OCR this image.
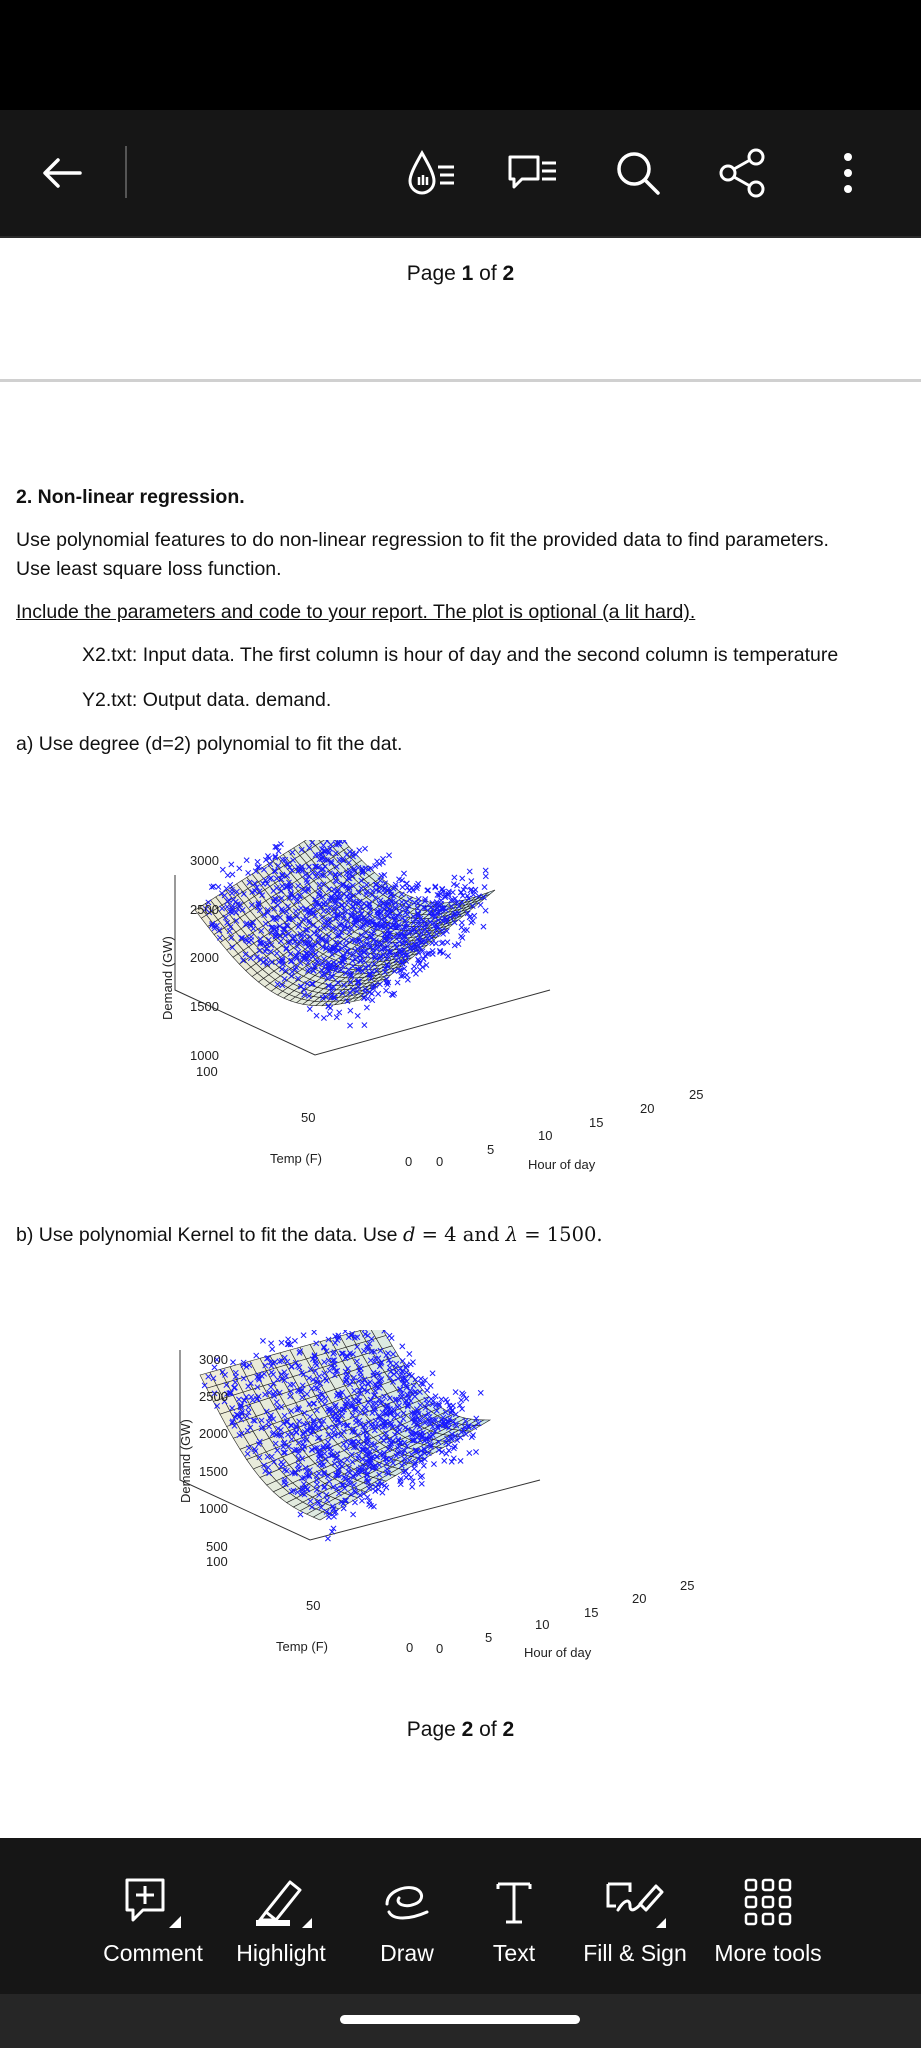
Page 1 of 2
2. Non-linear regression.
Use polynomial features to do non-linear regression to fit the provided data to find parameters.
Use least square loss function.
Include the parameters and code to your report. The plot is optional (a lit hard).
X2.txt: Input data. The first column is hour of day and the second column is temperature
Y2.txt: Output data. demand.
a) Use degree (d=2) polynomial to fit the dat.
3000
2500
2000
1500
1000
100
50
0 0
5
10
15
20
25
Temp (F)	Hour of day
Demand (GW)
b) Use polynomial Kernel to fit the data. Use d = 4 and λ = 1500.
3000
2500
2000
1500
1000
500
100
50
0 0
5
10
15
20
25
Temp (F)	Hour of day
Demand (GW)
Page 2 of 2
Comment Highlight Draw	Text Fill & Sign More tools
